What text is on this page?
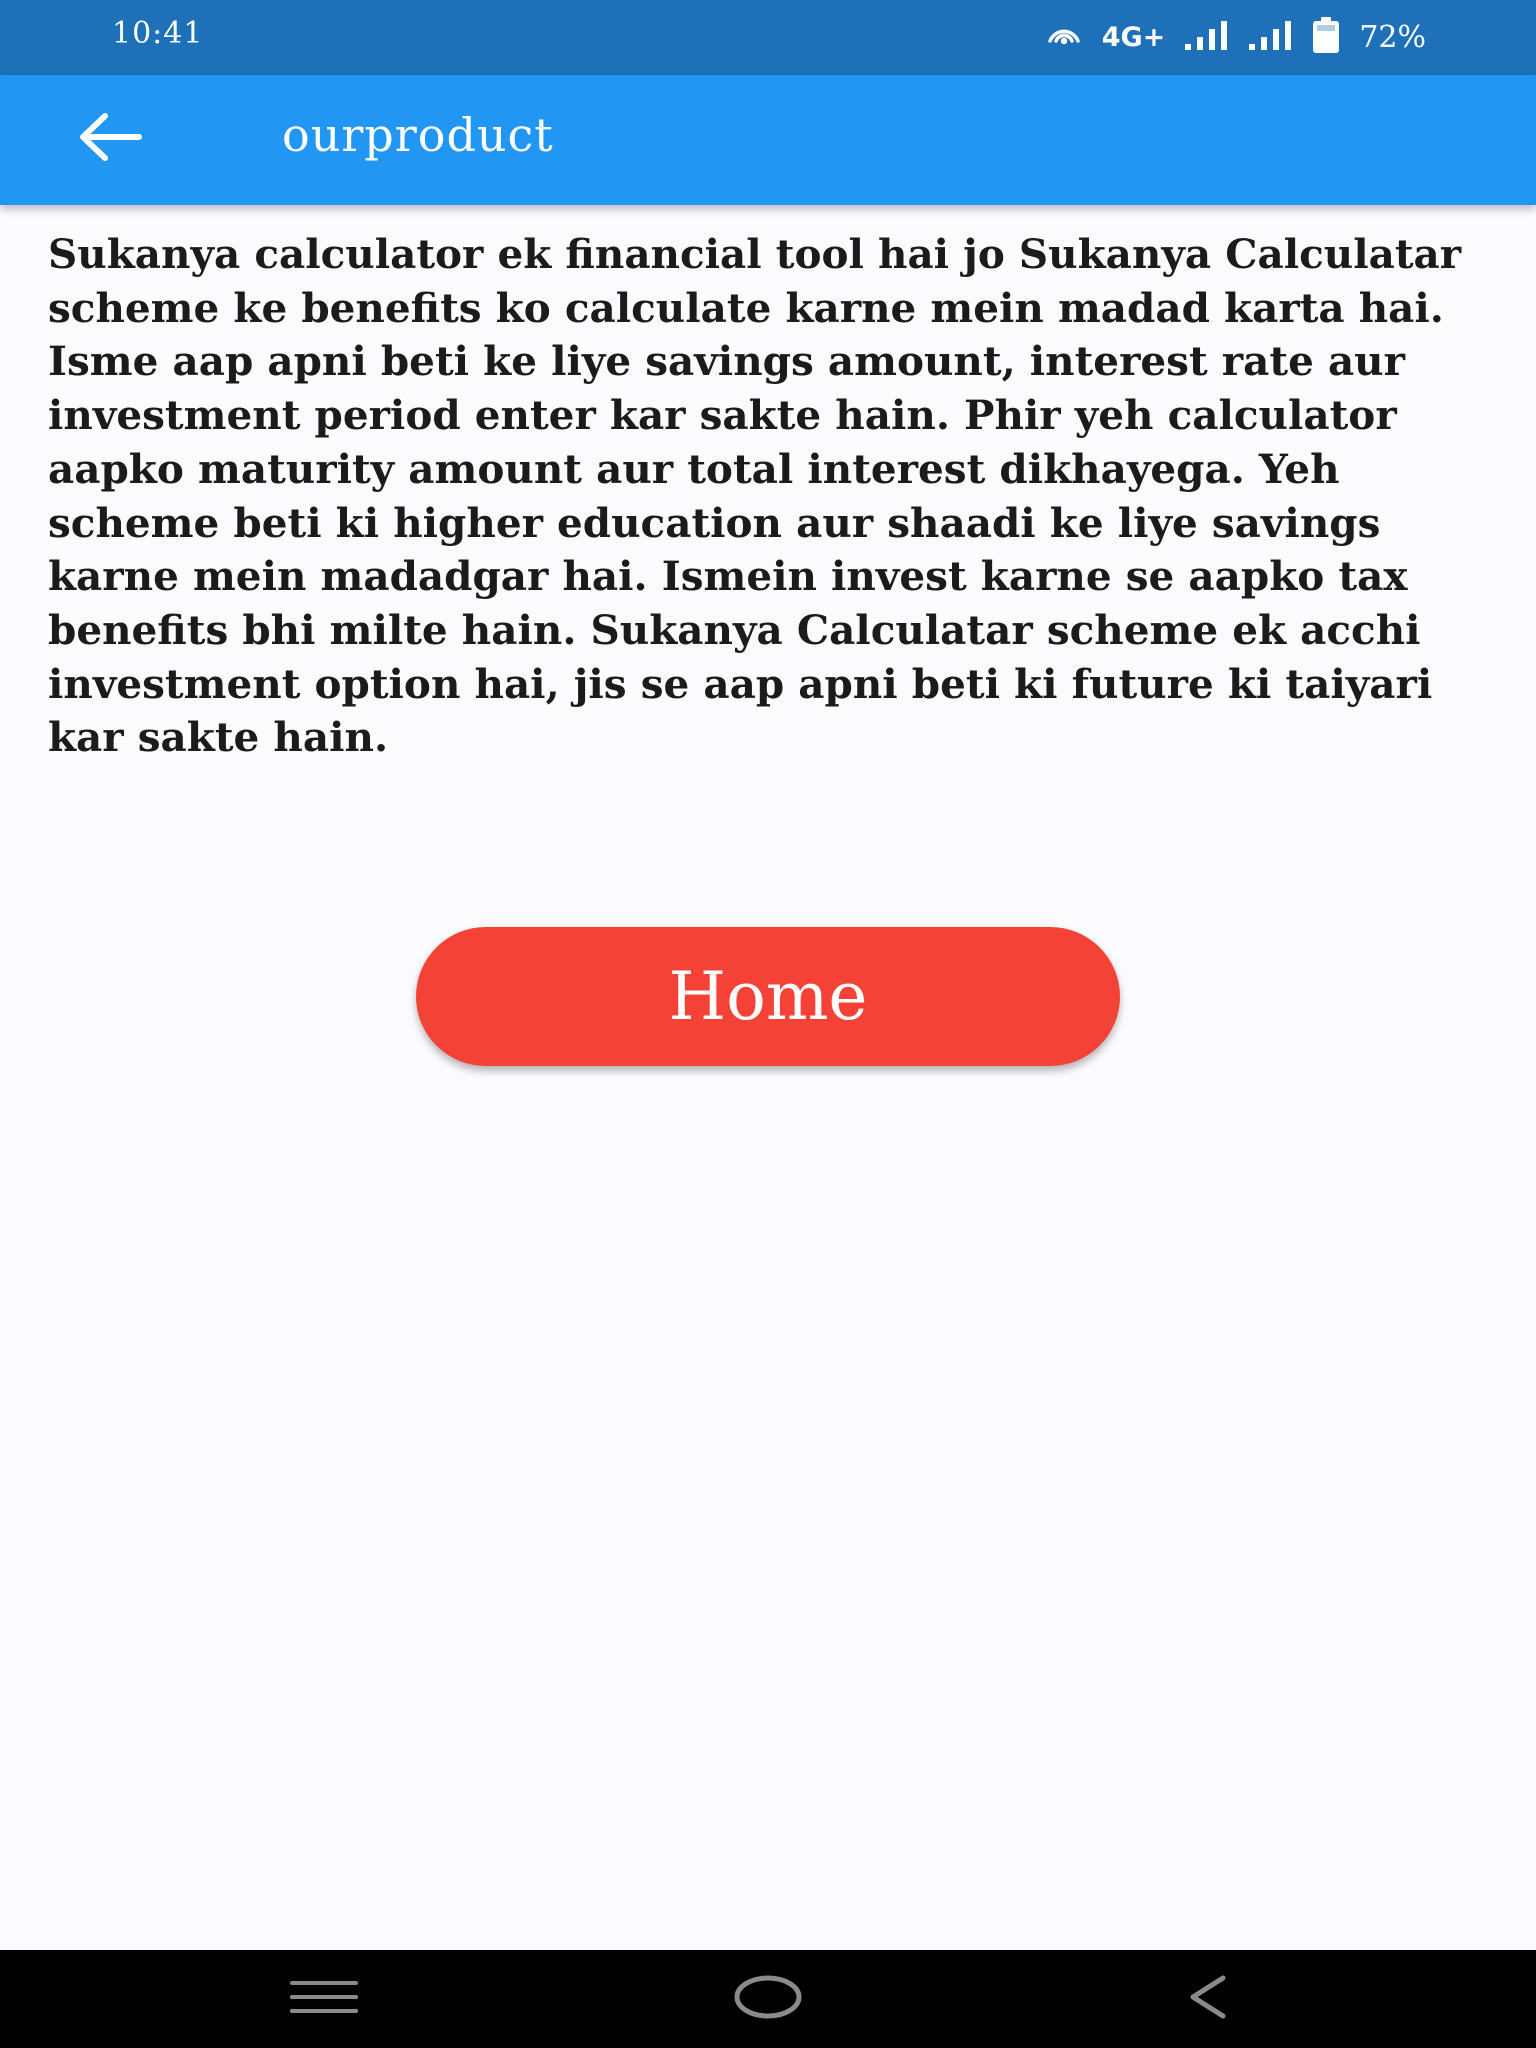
10:41	4G+	72%
ourproduct

Sukanya calculator ek financial tool hai jo Sukanya Calculatar scheme ke benefits ko calculate karne mein madad karta hai. Isme aap apni beti ke liye savings amount, interest rate aur investment period enter kar sakte hain. Phir yeh calculator aapko maturity amount aur total interest dikhayega. Yeh scheme beti ki higher education aur shaadi ke liye savings karne mein madadgar hai. Ismein invest karne se aapko tax benefits bhi milte hain. Sukanya Calculatar scheme ek acchi investment option hai, jis se aap apni beti ki future ki taiyari kar sakte hain.

Home
